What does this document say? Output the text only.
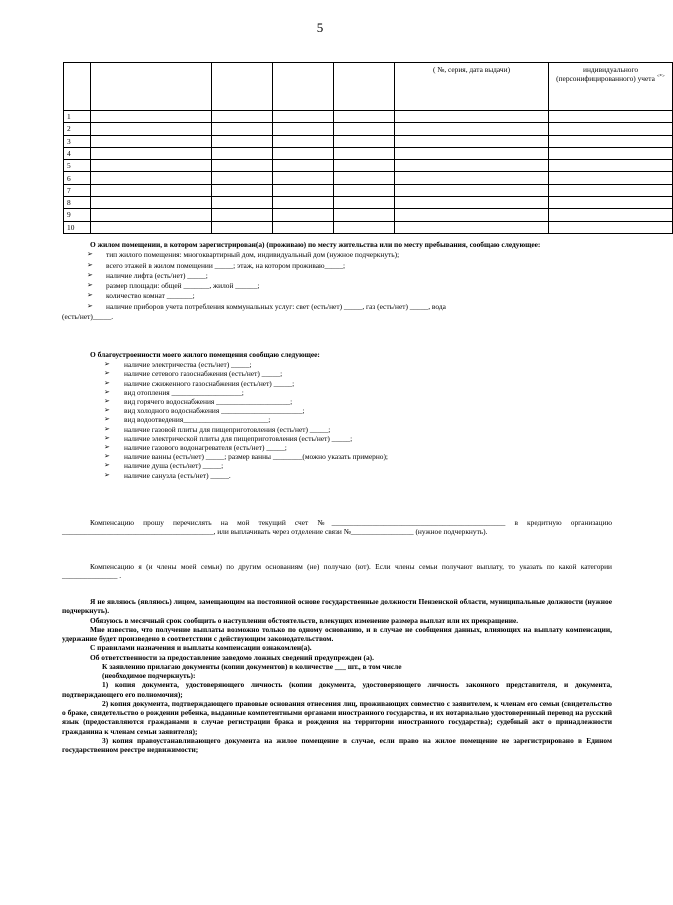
5
					( №, серия, дата выдачи)	индивидуального (персонифицированного) учета <*>
1						
2						
3						
4						
5						
6						
7						
8						
9						
10						

О жилом помещении, в котором зарегистрирован(а) (проживаю) по месту жительства или по месту пребывания, сообщаю следующее:

➢ тип жилого помещения: многоквартирный дом, индивидуальный дом (нужное подчеркнуть);
➢ всего этажей в жилом помещении _____; этаж, на котором проживаю_____;
➢ наличие лифта (есть/нет) _____;
➢ размер площади: общей _______, жилой ______;
➢ количество комнат _______;
➢ наличие приборов учета потребления коммунальных услуг: свет (есть/нет) _____, газ (есть/нет) _____, вода

(есть/нет)_____.

О благоустроенности моего жилого помещения сообщаю следующее:

➢ наличие электричества (есть/нет) _____;
➢ наличие сетевого газоснабжения (есть/нет) _____;
➢ наличие сжиженного газоснабжения (есть/нет) _____;
➢ вид отопления ___________________;
➢ вид горячего водоснабжения ____________________;
➢ вид холодного водоснабжения ______________________;
➢ вид водоотведения_______________________;
➢ наличие газовой плиты для пищеприготовления (есть/нет) _____;
➢ наличие электрической плиты для пищеприготовления (есть/нет) _____;
➢ наличие газового водонагревателя (есть/нет) _____;
➢ наличие ванны (есть/нет) _____; размер ванны ________(можно указать примерно);
➢ наличие душа (есть/нет) _____;
➢ наличие санузла (есть/нет) _____.

Компенсацию прошу перечислять на мой текущий счет №_______________________________________________ в кредитную организацию _________________________________________, или выплачивать через отделение связи №_________________ (нужное подчеркнуть).

Компенсацию я (и члены моей семьи) по другим основаниям (не) получаю (ют). Если члены семьи получают выплату, то указать по какой категории _______________ .

Я не являюсь (являюсь) лицом, замещающим на постоянной основе государственные должности Пензенской области, муниципальные должности (нужное подчеркнуть).

Обязуюсь в месячный срок сообщить о наступлении обстоятельств, влекущих изменение размера выплат или их прекращение.

Мне известно, что получение выплаты возможно только по одному основанию, и в случае не сообщения данных, влияющих на выплату компенсации, удержание будет произведено в соответствии с действующим законодательством.

С правилами назначения и выплаты компенсации ознакомлен(а).

Об ответственности за предоставление заведомо ложных сведений предупрежден (а).

К заявлению прилагаю документы (копии документов) в количестве ___ шт., в том числе

(необходимое подчеркнуть):

1) копия документа, удостоверяющего личность (копии документа, удостоверяющего личность законного представителя, и документа, подтверждающего его полномочия);

2) копия документа, подтверждающего правовые основания отнесения лиц, проживающих совместно с заявителем, к членам его семьи (свидетельство о браке, свидетельство о рождении ребенка, выданные компетентными органами иностранного государства, и их нотариально удостоверенный перевод на русский язык (предоставляются гражданами в случае регистрации брака и рождения на территории иностранного государства); судебный акт о принадлежности гражданина к членам семьи заявителя);

3) копия правоустанавливающего документа на жилое помещение в случае, если право на жилое помещение не зарегистрировано в Едином государственном реестре недвижимости;
